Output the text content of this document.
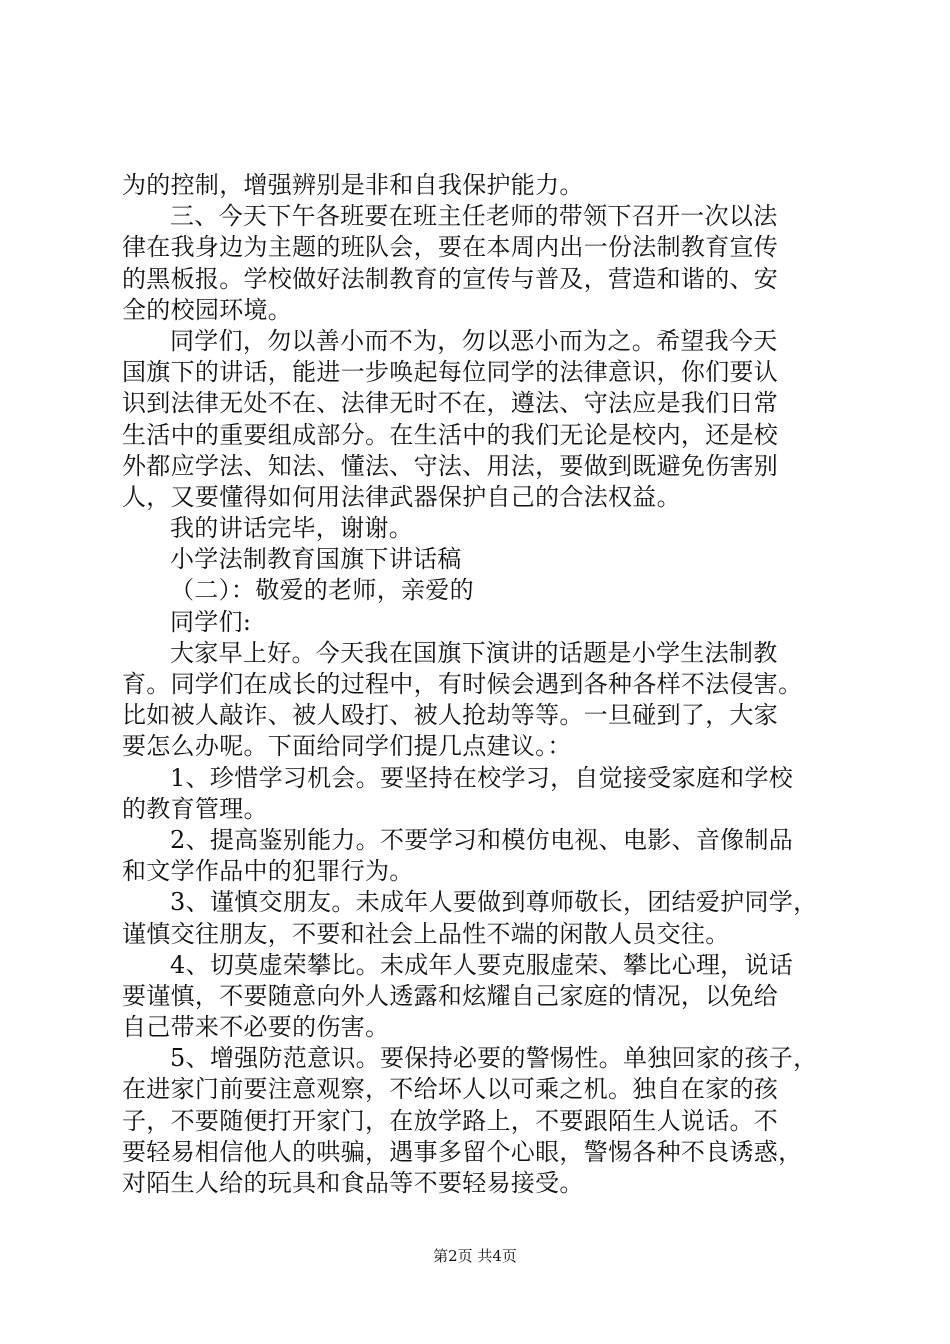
为的控制，增强辨别是非和自我保护能力。
三、今天下午各班要在班主任老师的带领下召开一次以法
律在我身边为主题的班队会，要在本周内出一份法制教育宣传
的黑板报。学校做好法制教育的宣传与普及，营造和谐的、安
全的校园环境。
同学们，勿以善小而不为，勿以恶小而为之。希望我今天
国旗下的讲话，能进一步唤起每位同学的法律意识，你们要认
识到法律无处不在、法律无时不在，遵法、守法应是我们日常
生活中的重要组成部分。在生活中的我们无论是校内，还是校
外都应学法、知法、懂法、守法、用法，要做到既避免伤害别
人，又要懂得如何用法律武器保护自己的合法权益。
我的讲话完毕，谢谢。
小学法制教育国旗下讲话稿
（二）：敬爱的老师，亲爱的
同学们:
大家早上好。今天我在国旗下演讲的话题是小学生法制教
育。同学们在成长的过程中，有时候会遇到各种各样不法侵害。
比如被人敲诈、被人殴打、被人抢劫等等。一旦碰到了，大家
要怎么办呢。下面给同学们提几点建议。：
1、珍惜学习机会。要坚持在校学习，自觉接受家庭和学校
的教育管理。
2、提高鉴别能力。不要学习和模仿电视、电影、音像制品
和文学作品中的犯罪行为。
3、谨慎交朋友。未成年人要做到尊师敬长，团结爱护同学，
谨慎交往朋友，不要和社会上品性不端的闲散人员交往。
4、切莫虚荣攀比。未成年人要克服虚荣、攀比心理，说话
要谨慎，不要随意向外人透露和炫耀自己家庭的情况，以免给
自己带来不必要的伤害。
5、增强防范意识。要保持必要的警惕性。单独回家的孩子，
在进家门前要注意观察，不给坏人以可乘之机。独自在家的孩
子，不要随便打开家门，在放学路上，不要跟陌生人说话。不
要轻易相信他人的哄骗，遇事多留个心眼，警惕各种不良诱惑，
对陌生人给的玩具和食品等不要轻易接受。
第2页 共4页
